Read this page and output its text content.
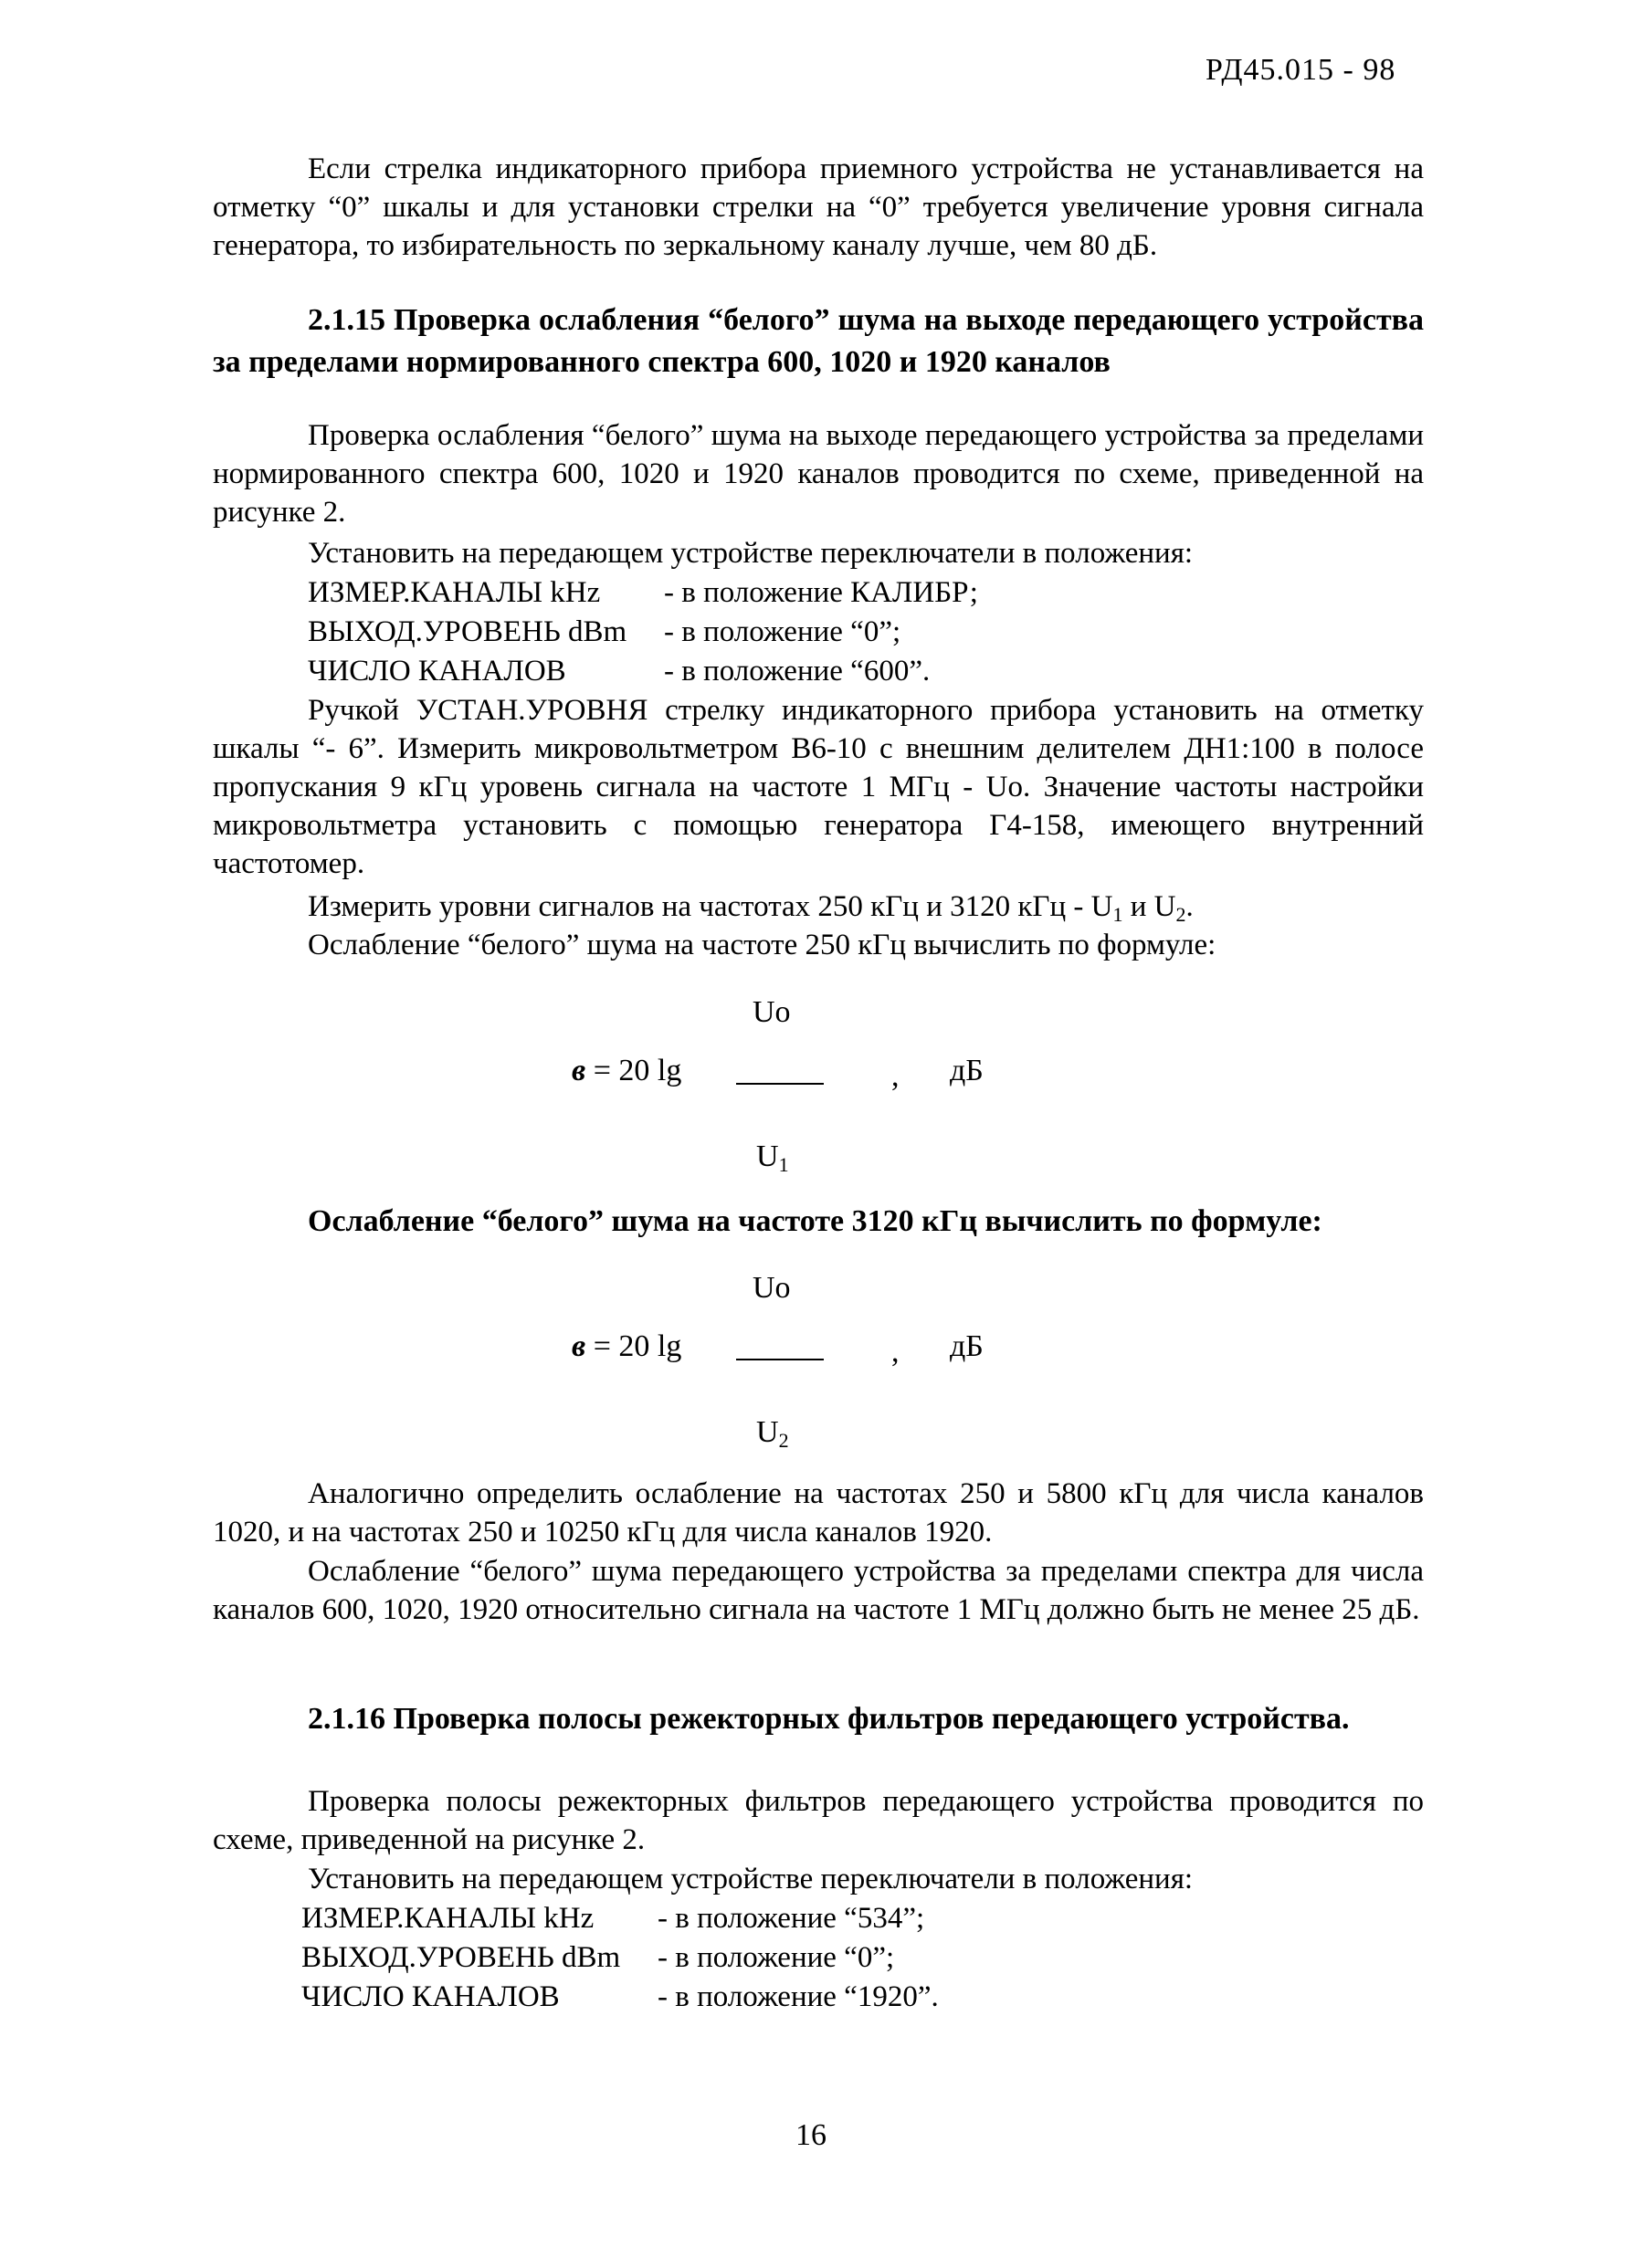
РД45.015 - 98

Если стрелка индикаторного прибора приемного устройства не устанавливается на отметку “0” шкалы и для установки стрелки на “0” требуется увеличение уровня сигнала генератора, то избирательность по зеркальному каналу лучше, чем 80 дБ.

2.1.15 Проверка ослабления “белого” шума на выходе передающего устройства за пределами нормированного спектра 600, 1020 и 1920 каналов

Проверка ослабления “белого” шума на выходе передающего устройства за пределами нормированного спектра 600, 1020 и 1920 каналов проводится по схеме, приведенной на рисунке 2.

Установить на передающем устройстве переключатели в положения:

ИЗМЕР.КАНАЛЫ kHz - в положение КАЛИБР;
ВЫХОД.УРОВЕНЬ dBm - в положение “0”;
ЧИСЛО КАНАЛОВ	- в положение “600”.

Ручкой УСТАН.УРОВНЯ стрелку индикаторного прибора установить на отметку шкалы “- 6”. Измерить микровольтметром В6-10 с внешним делителем ДН1:100 в полосе пропускания 9 кГц уровень сигнала на частоте 1 МГц - Uo. Значение частоты настройки микровольтметра установить с помощью генератора Г4-158, имеющего внутренний частотомер.

Измерить уровни сигналов на частотах 250 кГц и 3120 кГц - $U_1$ и $U_2$.

Ослабление “белого” шума на частоте 250 кГц вычислить по формуле:

Uo
в = 20 lg	, дБ
$U_1$

Ослабление “белого” шума на частоте 3120 кГц вычислить по формуле:

Uo
в = 20 lg	, дБ
$U_2$

Аналогично определить ослабление на частотах 250 и 5800 кГц для числа каналов 1020, и на частотах 250 и 10250 кГц для числа каналов 1920.

Ослабление “белого” шума передающего устройства за пределами спектра для числа каналов 600, 1020, 1920 относительно сигнала на частоте 1 МГц должно быть не менее 25 дБ.

2.1.16 Проверка полосы режекторных фильтров передающего устройства.

Проверка полосы режекторных фильтров передающего устройства проводится по схеме, приведенной на рисунке 2.

Установить на передающем устройстве переключатели в положения:

ИЗМЕР.КАНАЛЫ kHz - в положение “534”;
ВЫХОД.УРОВЕНЬ dBm - в положение “0”;
ЧИСЛО КАНАЛОВ	- в положение “1920”.
16
